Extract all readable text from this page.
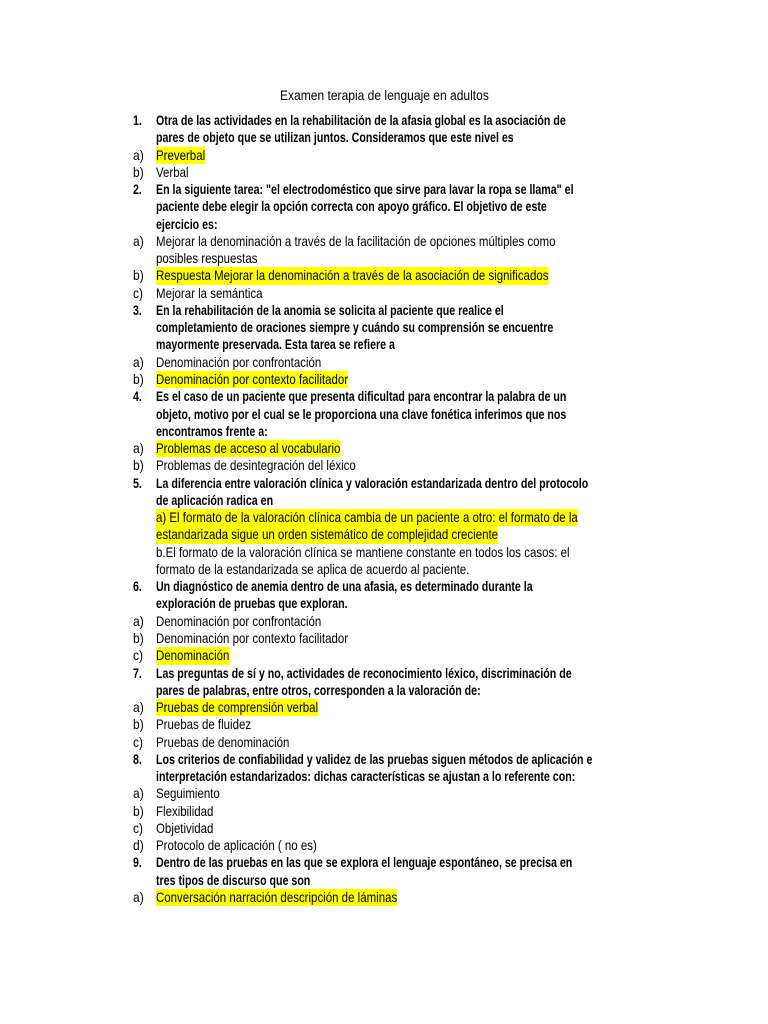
Examen terapia de lenguaje en adultos
1. Otra de las actividades en la rehabilitación de la afasia global es la asociación de
pares de objeto que se utilizan juntos. Consideramos que este nivel es
a) Preverbal
b) Verbal
2. En la siguiente tarea: "el electrodoméstico que sirve para lavar la ropa se llama" el
paciente debe elegir la opción correcta con apoyo gráfico. El objetivo de este
ejercicio es:
a) Mejorar la denominación a través de la facilitación de opciones múltiples como
posibles respuestas
b) Respuesta Mejorar la denominación a través de la asociación de significados
c) Mejorar la semántica
3. En la rehabilitación de la anomia se solicita al paciente que realice el
completamiento de oraciones siempre y cuándo su comprensión se encuentre
mayormente preservada. Esta tarea se refiere a
a) Denominación por confrontación
b) Denominación por contexto facilitador
4. Es el caso de un paciente que presenta dificultad para encontrar la palabra de un
objeto, motivo por el cual se le proporciona una clave fonética inferimos que nos
encontramos frente a:
a) Problemas de acceso al vocabulario
b) Problemas de desintegración del léxico
5. La diferencia entre valoración clínica y valoración estandarizada dentro del protocolo
de aplicación radica en
a) El formato de la valoración clínica cambia de un paciente a otro: el formato de la
estandarizada sigue un orden sistemático de complejidad creciente
b.El formato de la valoración clínica se mantiene constante en todos los casos: el
formato de la estandarizada se aplica de acuerdo al paciente.
6. Un diagnóstico de anemia dentro de una afasia, es determinado durante la
exploración de pruebas que exploran.
a) Denominación por confrontación
b) Denominación por contexto facilitador
c) Denominación
7. Las preguntas de sí y no, actividades de reconocimiento léxico, discriminación de
pares de palabras, entre otros, corresponden a la valoración de:
a) Pruebas de comprensión verbal
b) Pruebas de fluidez
c) Pruebas de denominación
8. Los criterios de confiabilidad y validez de las pruebas siguen métodos de aplicación e
interpretación estandarizados: dichas características se ajustan a lo referente con:
a) Seguimiento
b) Flexibilidad
c) Objetividad
d) Protocolo de aplicación ( no es)
9. Dentro de las pruebas en las que se explora el lenguaje espontáneo, se precisa en
tres tipos de discurso que son
a) Conversación narración descripción de láminas
